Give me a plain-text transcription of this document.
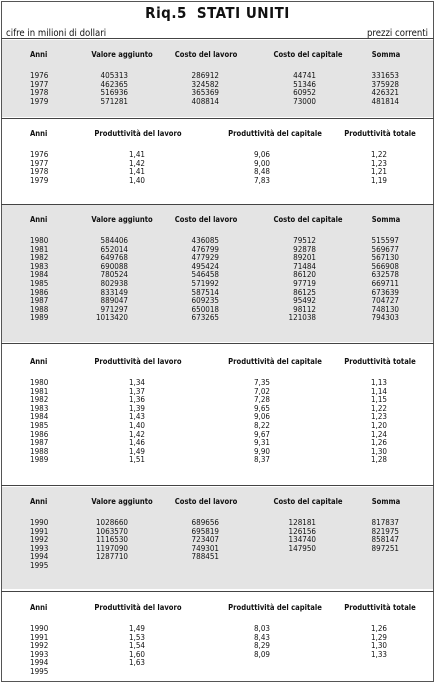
Riq.5 STATI UNITI
cifre in milioni di dollari	prezzi correnti
Anni	Valore aggiunto	Costo del lavoro	Costo del capitale	Somma
1976	405313	286912	44741	331653
1977	462365	324582	51346	375928
1978	516936	365369	60952	426321
1979	571281	408814	73000	481814
Anni	Produttività del lavoro	Produttività del capitale	Produttività totale
1976	1,41	9,06	1,22
1977	1,42	9,00	1,23
1978	1,41	8,48	1,21
1979	1,40	7,83	1,19
Anni	Valore aggiunto	Costo del lavoro	Costo del capitale	Somma
1980	584406	436085	79512	515597
1981	652014	476799	92878	569677
1982	649768	477929	89201	567130
1983	690088	495424	71484	566908
1984	780524	546458	86120	632578
1985	802938	571992	97719	669711
1986	833149	587514	86125	673639
1987	889047	609235	95492	704727
1988	971297	650018	98112	748130
1989	1013420	673265	121038	794303
Anni	Produttività del lavoro	Produttività del capitale	Produttività totale
1980	1,34	7,35	1,13
1981	1,37	7,02	1,14
1982	1,36	7,28	1,15
1983	1,39	9,65	1,22
1984	1,43	9,06	1,23
1985	1,40	8,22	1,20
1986	1,42	9,67	1,24
1987	1,46	9,31	1,26
1988	1,49	9,90	1,30
1989	1,51	8,37	1,28
Anni	Valore aggiunto	Costo del lavoro	Costo del capitale	Somma
1990	1028660	689656	128181	817837
1991	1063570	695819	126156	821975
1992	1116530	723407	134740	858147
1993	1197090	749301	147950	897251
1994	1287710	788451
1995
Anni	Produttività del lavoro	Produttività del capitale	Produttività totale
1990	1,49	8,03	1,26
1991	1,53	8,43	1,29
1992	1,54	8,29	1,30
1993	1,60	8,09	1,33
1994	1,63
1995
